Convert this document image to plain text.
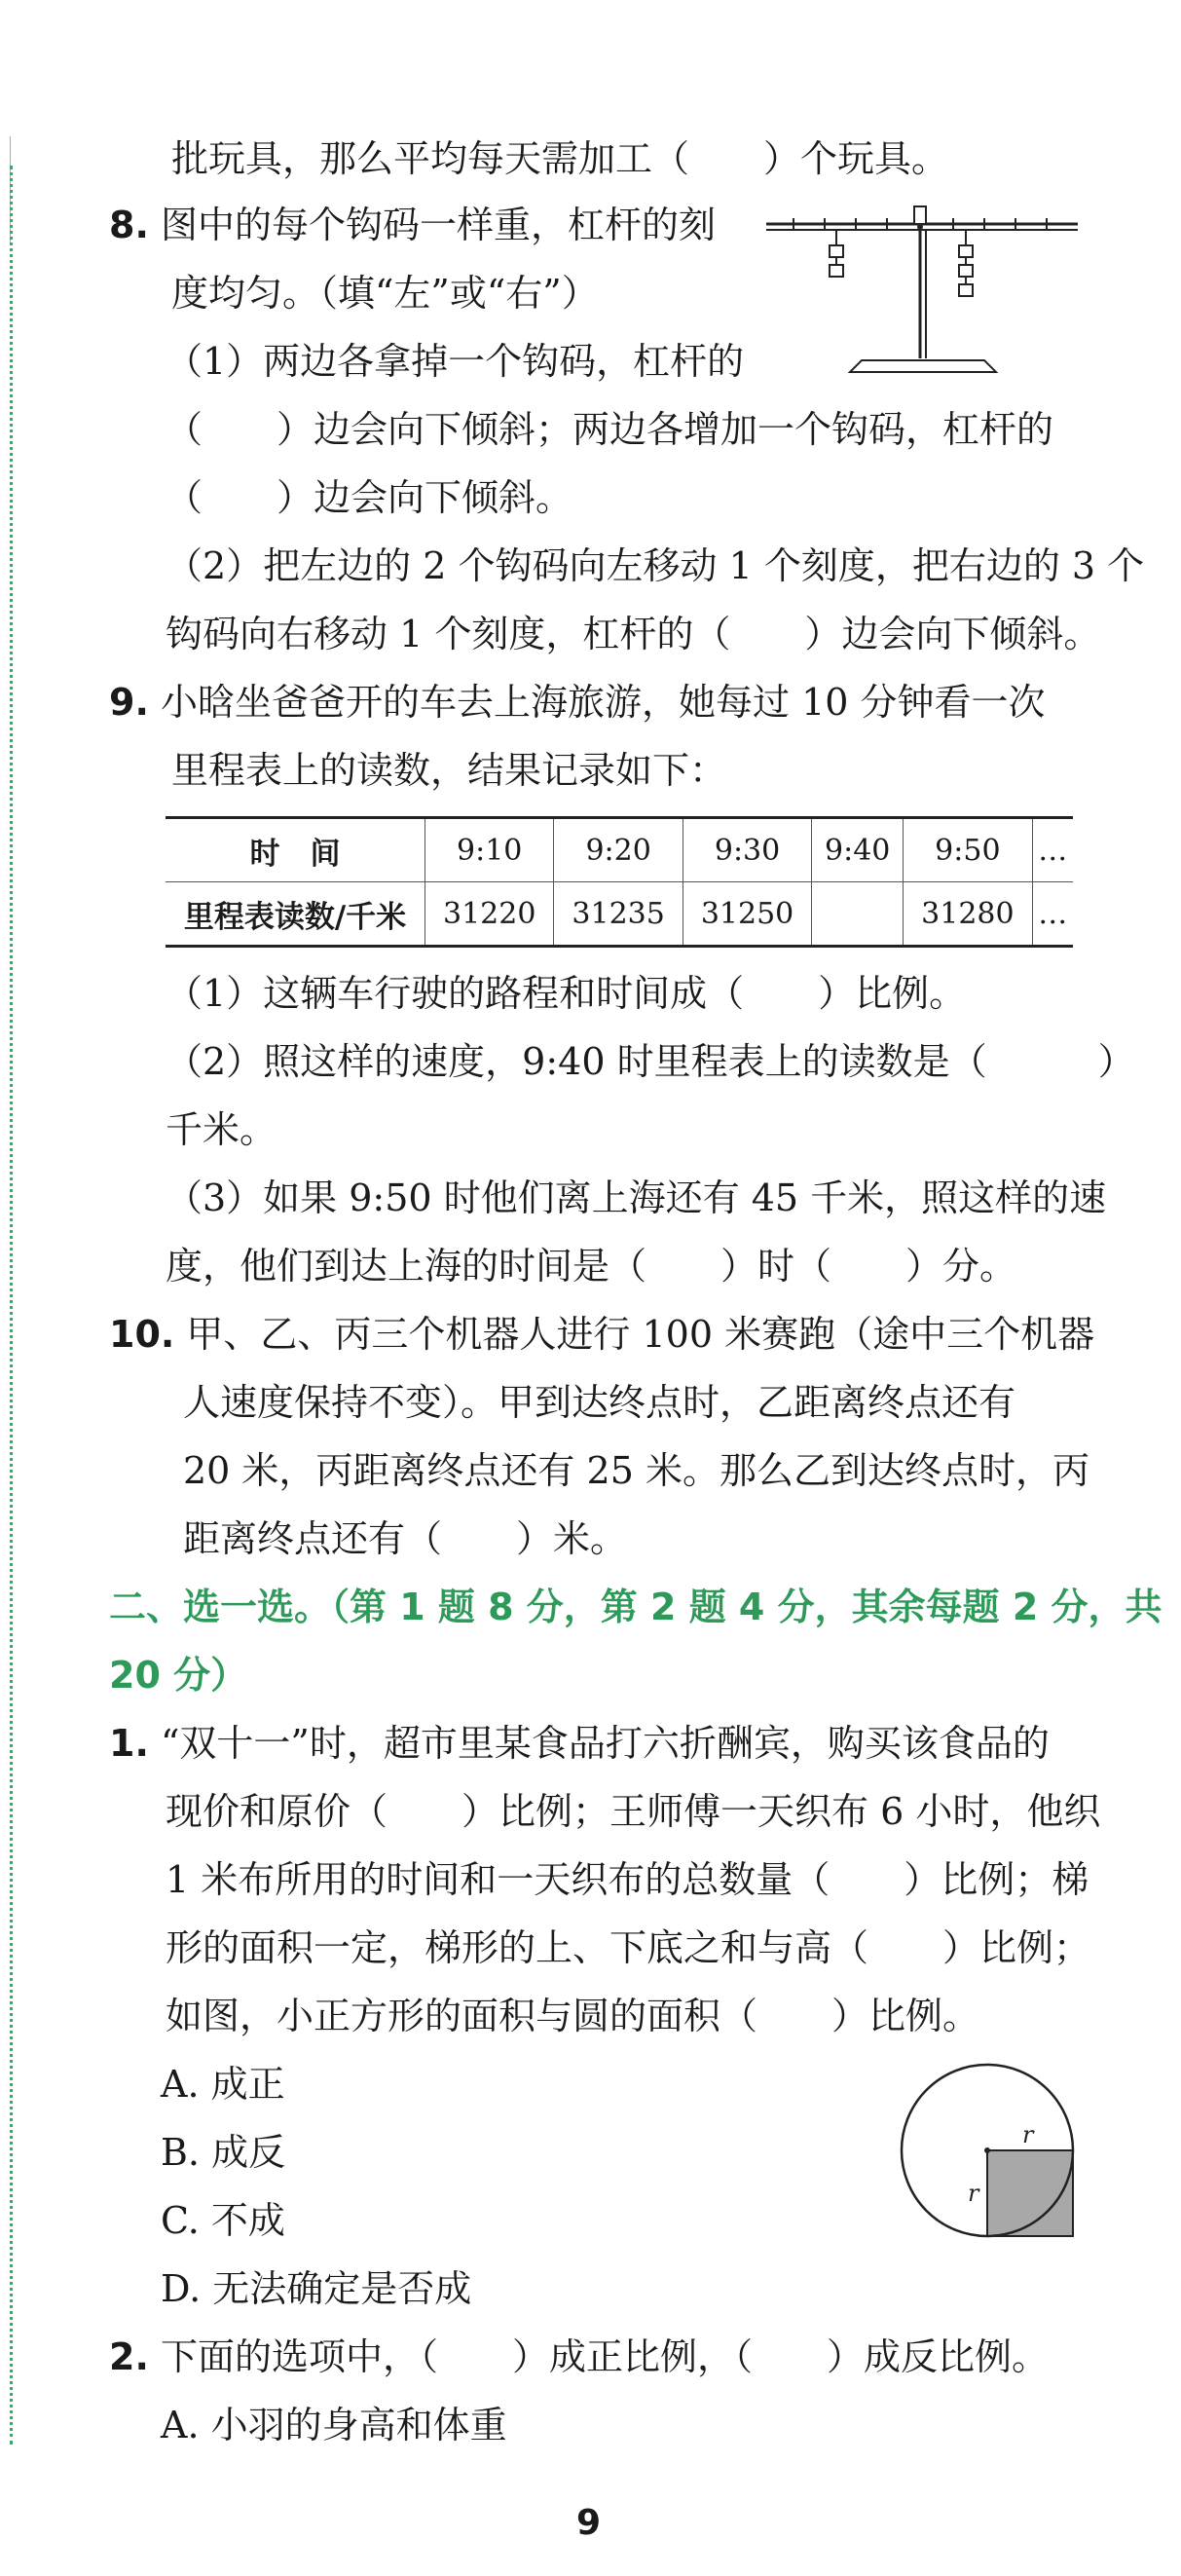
批玩具，那么平均每天需加工（　　）个玩具。
8. 图中的每个钩码一样重，杠杆的刻
度均匀。（填“左”或“右”）
（1）两边各拿掉一个钩码，杠杆的
（　　）边会向下倾斜；两边各增加一个钩码，杠杆的
（　　）边会向下倾斜。
（2）把左边的 2 个钩码向左移动 1 个刻度，把右边的 3 个
钩码向右移动 1 个刻度，杠杆的（　　）边会向下倾斜。
9. 小晗坐爸爸开的车去上海旅游，她每过 10 分钟看一次
里程表上的读数，结果记录如下：
时　间	9:10	9:20	9:30	9:40	9:50	…
里程表读数/千米	31220	31235	31250		31280	…
（1）这辆车行驶的路程和时间成（　　）比例。
（2）照这样的速度，9:40 时里程表上的读数是（　　　）
千米。
（3）如果 9:50 时他们离上海还有 45 千米，照这样的速
度，他们到达上海的时间是（　　）时（　　）分。
10. 甲、乙、丙三个机器人进行 100 米赛跑（途中三个机器
人速度保持不变）。甲到达终点时，乙距离终点还有
20 米，丙距离终点还有 25 米。那么乙到达终点时，丙
距离终点还有（　　）米。
二、选一选。（第 1 题 8 分，第 2 题 4 分，其余每题 2 分，共
20 分）
1. “双十一”时，超市里某食品打六折酬宾，购买该食品的
现价和原价（　　）比例；王师傅一天织布 6 小时，他织
1 米布所用的时间和一天织布的总数量（　　）比例；梯
形的面积一定，梯形的上、下底之和与高（　　）比例；
如图，小正方形的面积与圆的面积（　　）比例。
A. 成正
B. 成反
C. 不成
D. 无法确定是否成
2. 下面的选项中，（　　）成正比例，（　　）成反比例。
A. 小羽的身高和体重
r
r
9
